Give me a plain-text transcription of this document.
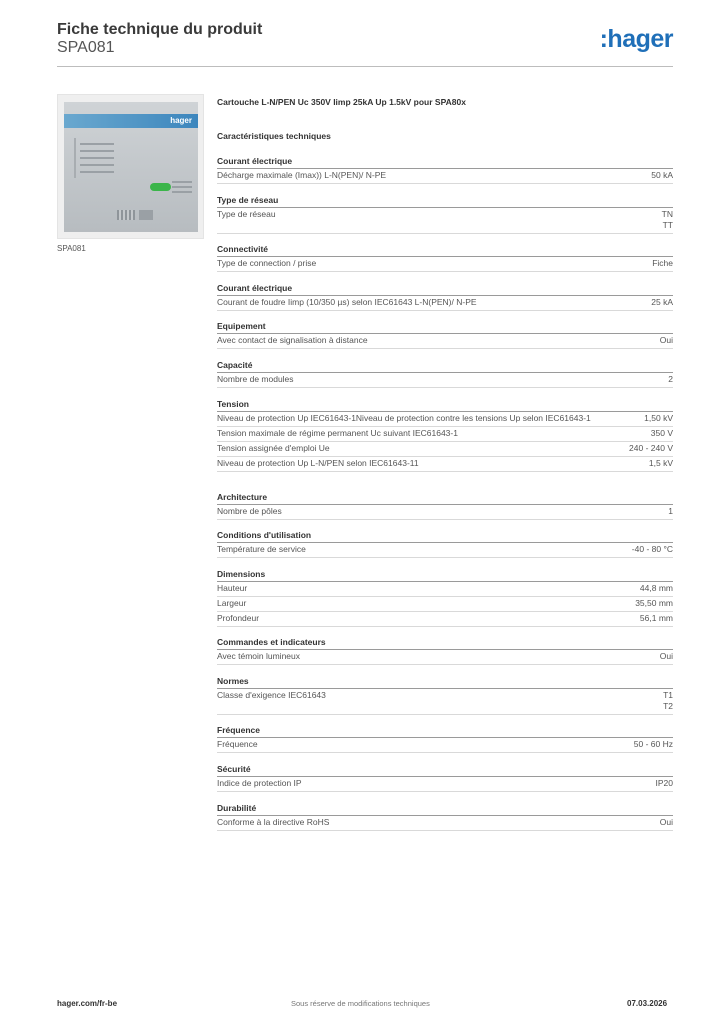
Fiche technique du produit
SPA081	:hager
hager
SPA081
Cartouche L-N/PEN Uc 350V Iimp 25kA Up 1.5kV pour SPA80x
Caractéristiques techniques
Courant électrique
Décharge maximale (Imax)) L-N(PEN)/ N-PE	50 kA
Type de réseau
Type de réseau	TN
TT
Connectivité
Type de connection / prise	Fiche
Courant électrique
Courant de foudre Iimp (10/350 µs) selon IEC61643 L-N(PEN)/ N-PE	25 kA
Equipement
Avec contact de signalisation à distance	Oui
Capacité
Nombre de modules	2
Tension
Niveau de protection Up IEC61643-1Niveau de protection contre les tensions Up selon IEC61643-1	1,50 kV
Tension maximale de régime permanent Uc suivant IEC61643-1	350 V
Tension assignée d'emploi Ue	240 - 240 V
Niveau de protection Up L-N/PEN selon IEC61643-11	1,5 kV
Architecture
Nombre de pôles	1
Conditions d'utilisation
Température de service	-40 - 80 °C
Dimensions
Hauteur	44,8 mm
Largeur	35,50 mm
Profondeur	56,1 mm
Commandes et indicateurs
Avec témoin lumineux	Oui
Normes
Classe d'exigence IEC61643	T1
T2
Fréquence
Fréquence	50 - 60 Hz
Sécurité
Indice de protection IP	IP20
Durabilité
Conforme à la directive RoHS	Oui
hager.com/fr-be	Sous réserve de modifications techniques	07.03.2026
